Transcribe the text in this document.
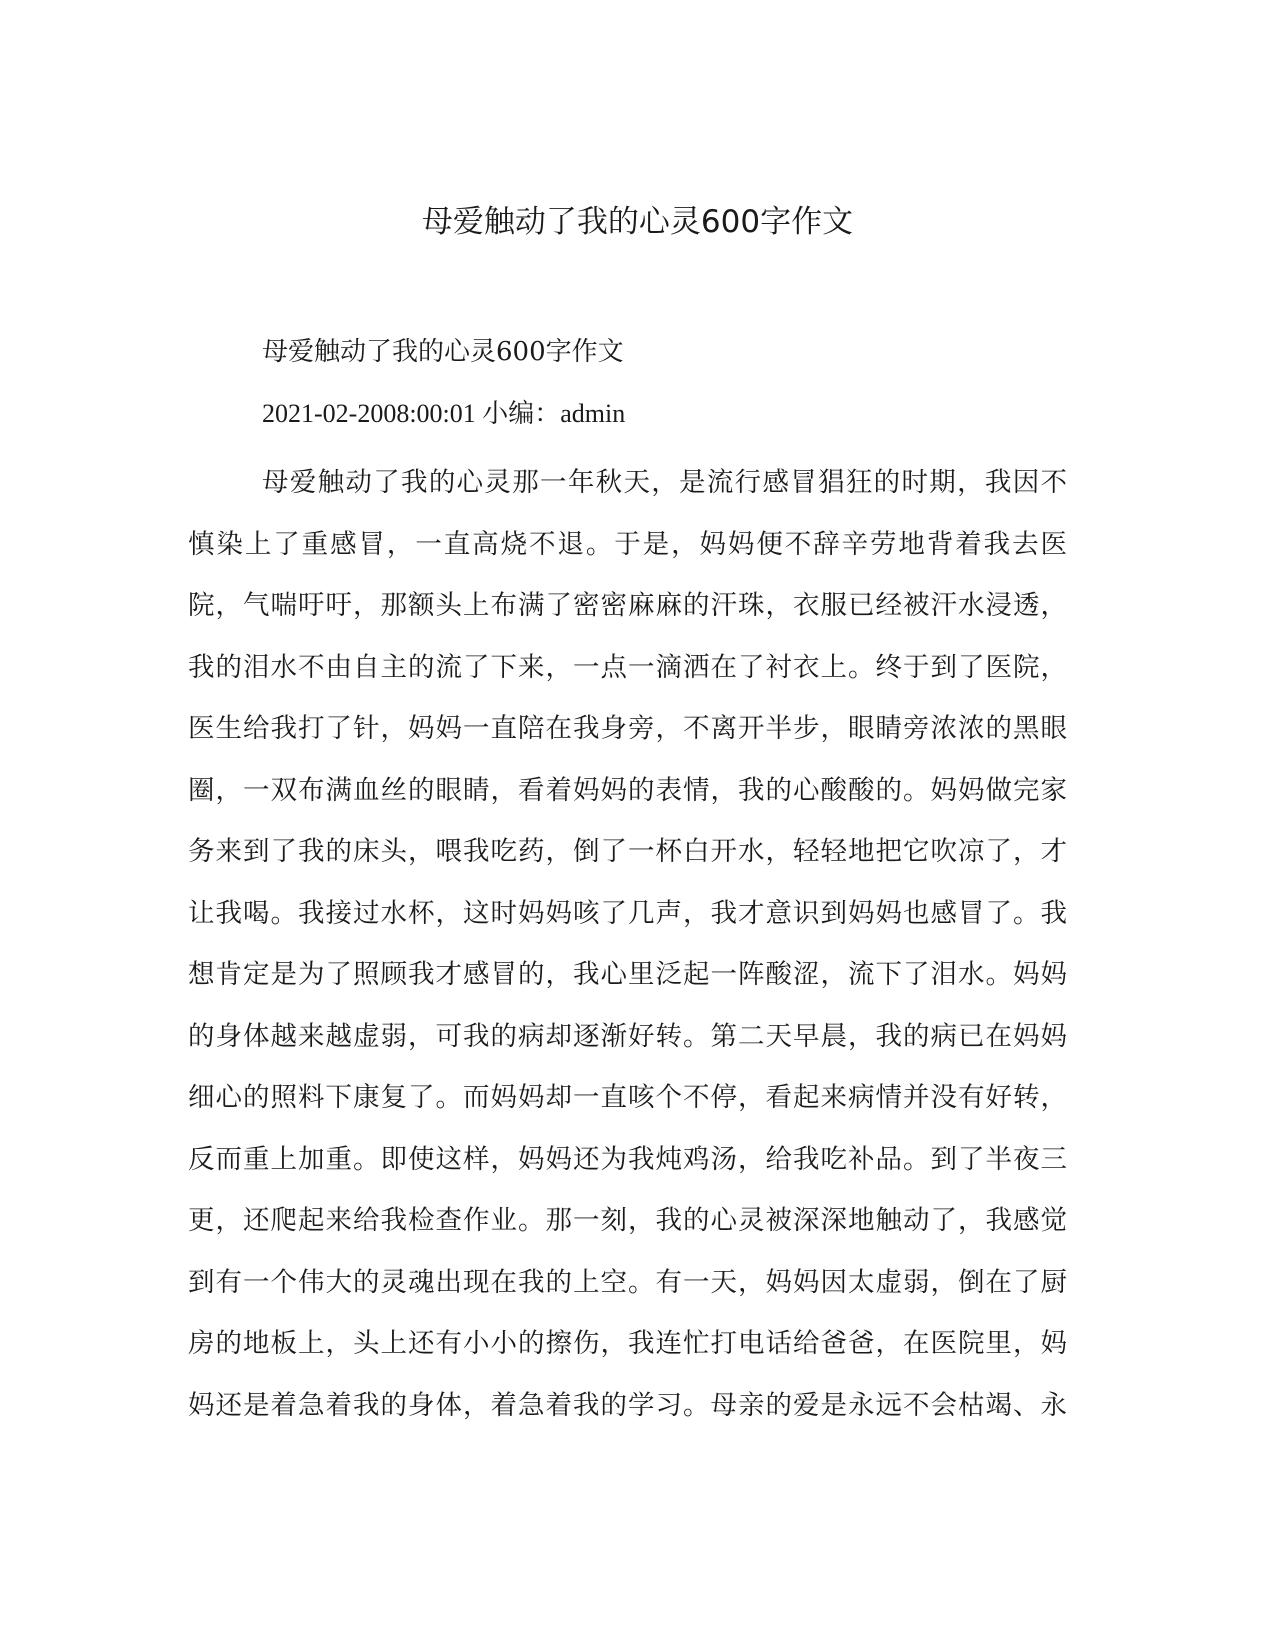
母爱触动了我的心灵600字作文
母爱触动了我的心灵600字作文
2021-02-2008:00:01 小编：admin

母爱触动了我的心灵那一年秋天，是流行感冒猖狂的时期，我因不慎染上了重感冒，一直高烧不退。于是，妈妈便不辞辛劳地背着我去医院，气喘吁吁，那额头上布满了密密麻麻的汗珠，衣服已经被汗水浸透，我的泪水不由自主的流了下来，一点一滴洒在了衬衣上。终于到了医院，医生给我打了针，妈妈一直陪在我身旁，不离开半步，眼睛旁浓浓的黑眼圈，一双布满血丝的眼睛，看着妈妈的表情，我的心酸酸的。妈妈做完家务来到了我的床头，喂我吃药，倒了一杯白开水，轻轻地把它吹凉了，才让我喝。我接过水杯，这时妈妈咳了几声，我才意识到妈妈也感冒了。我想肯定是为了照顾我才感冒的，我心里泛起一阵酸涩，流下了泪水。妈妈的身体越来越虚弱，可我的病却逐渐好转。第二天早晨，我的病已在妈妈细心的照料下康复了。而妈妈却一直咳个不停，看起来病情并没有好转，反而重上加重。即使这样，妈妈还为我炖鸡汤，给我吃补品。到了半夜三更，还爬起来给我检查作业。那一刻，我的心灵被深深地触动了，我感觉到有一个伟大的灵魂出现在我的上空。有一天，妈妈因太虚弱，倒在了厨房的地板上，头上还有小小的擦伤，我连忙打电话给爸爸，在医院里，妈妈还是着急着我的身体，着急着我的学习。母亲的爱是永远不会枯竭、永
